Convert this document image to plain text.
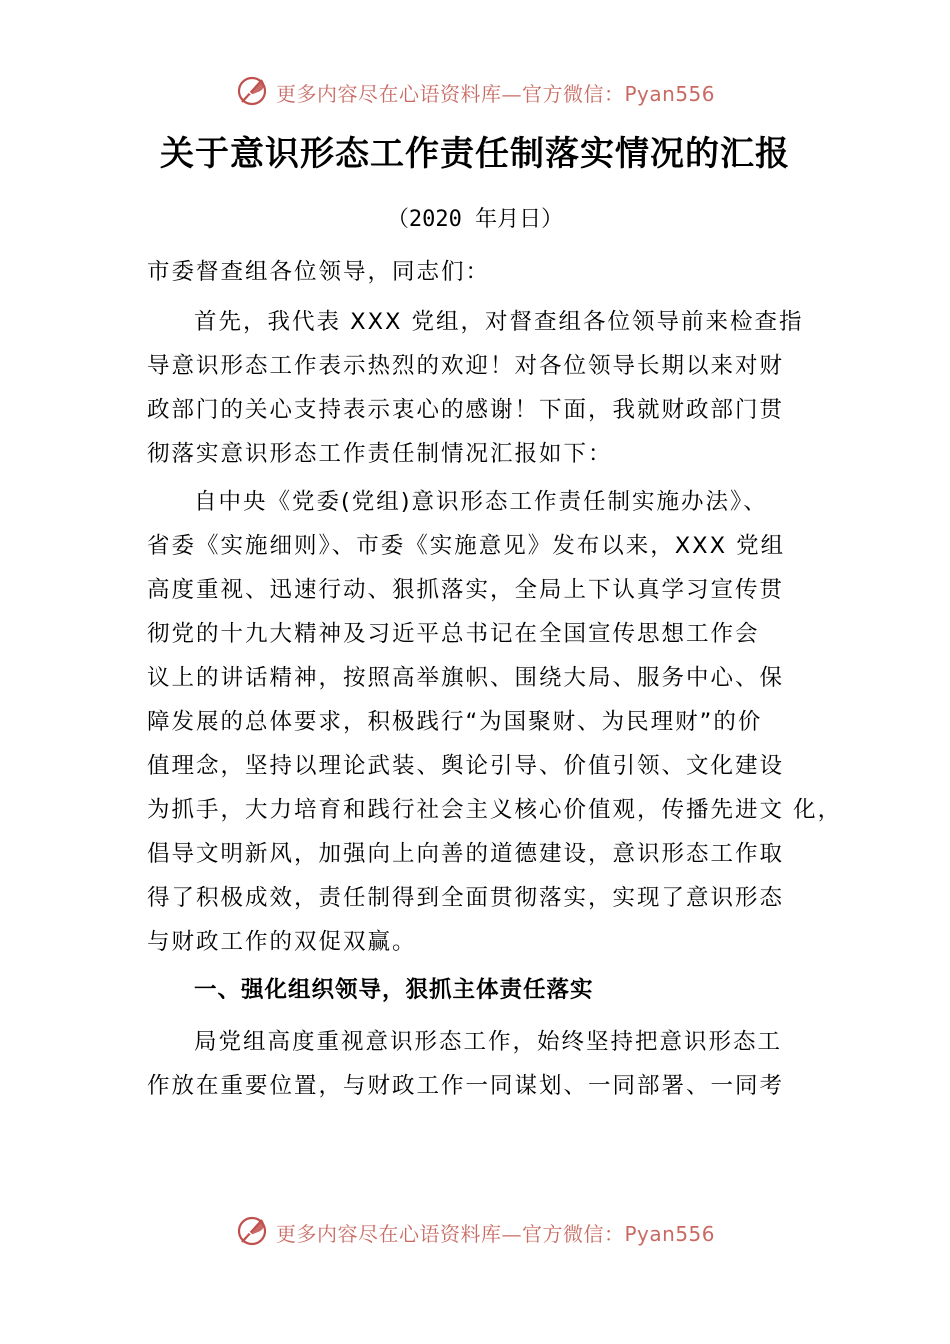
更多内容尽在心语资料库—官方微信：Pyan556
关于意识形态工作责任制落实情况的汇报
（2020 年月日）
市委督查组各位领导，同志们：
首先，我代表 XXX 党组，对督查组各位领导前来检查指
导意识形态工作表示热烈的欢迎！对各位领导长期以来对财
政部门的关心支持表示衷心的感谢！下面，我就财政部门贯
彻落实意识形态工作责任制情况汇报如下：
自中央《党委(党组)意识形态工作责任制实施办法》、
省委《实施细则》、市委《实施意见》发布以来，XXX 党组
高度重视、迅速行动、狠抓落实，全局上下认真学习宣传贯
彻党的十九大精神及习近平总书记在全国宣传思想工作会
议上的讲话精神，按照高举旗帜、围绕大局、服务中心、保
障发展的总体要求，积极践行“为国聚财、为民理财”的价
值理念，坚持以理论武装、舆论引导、价值引领、文化建设
为抓手，大力培育和践行社会主义核心价值观，传播先进文 化，
倡导文明新风，加强向上向善的道德建设，意识形态工作取
得了积极成效，责任制得到全面贯彻落实，实现了意识形态
与财政工作的双促双赢。
一、强化组织领导，狠抓主体责任落实
局党组高度重视意识形态工作，始终坚持把意识形态工
作放在重要位置，与财政工作一同谋划、一同部署、一同考
更多内容尽在心语资料库—官方微信：Pyan556
